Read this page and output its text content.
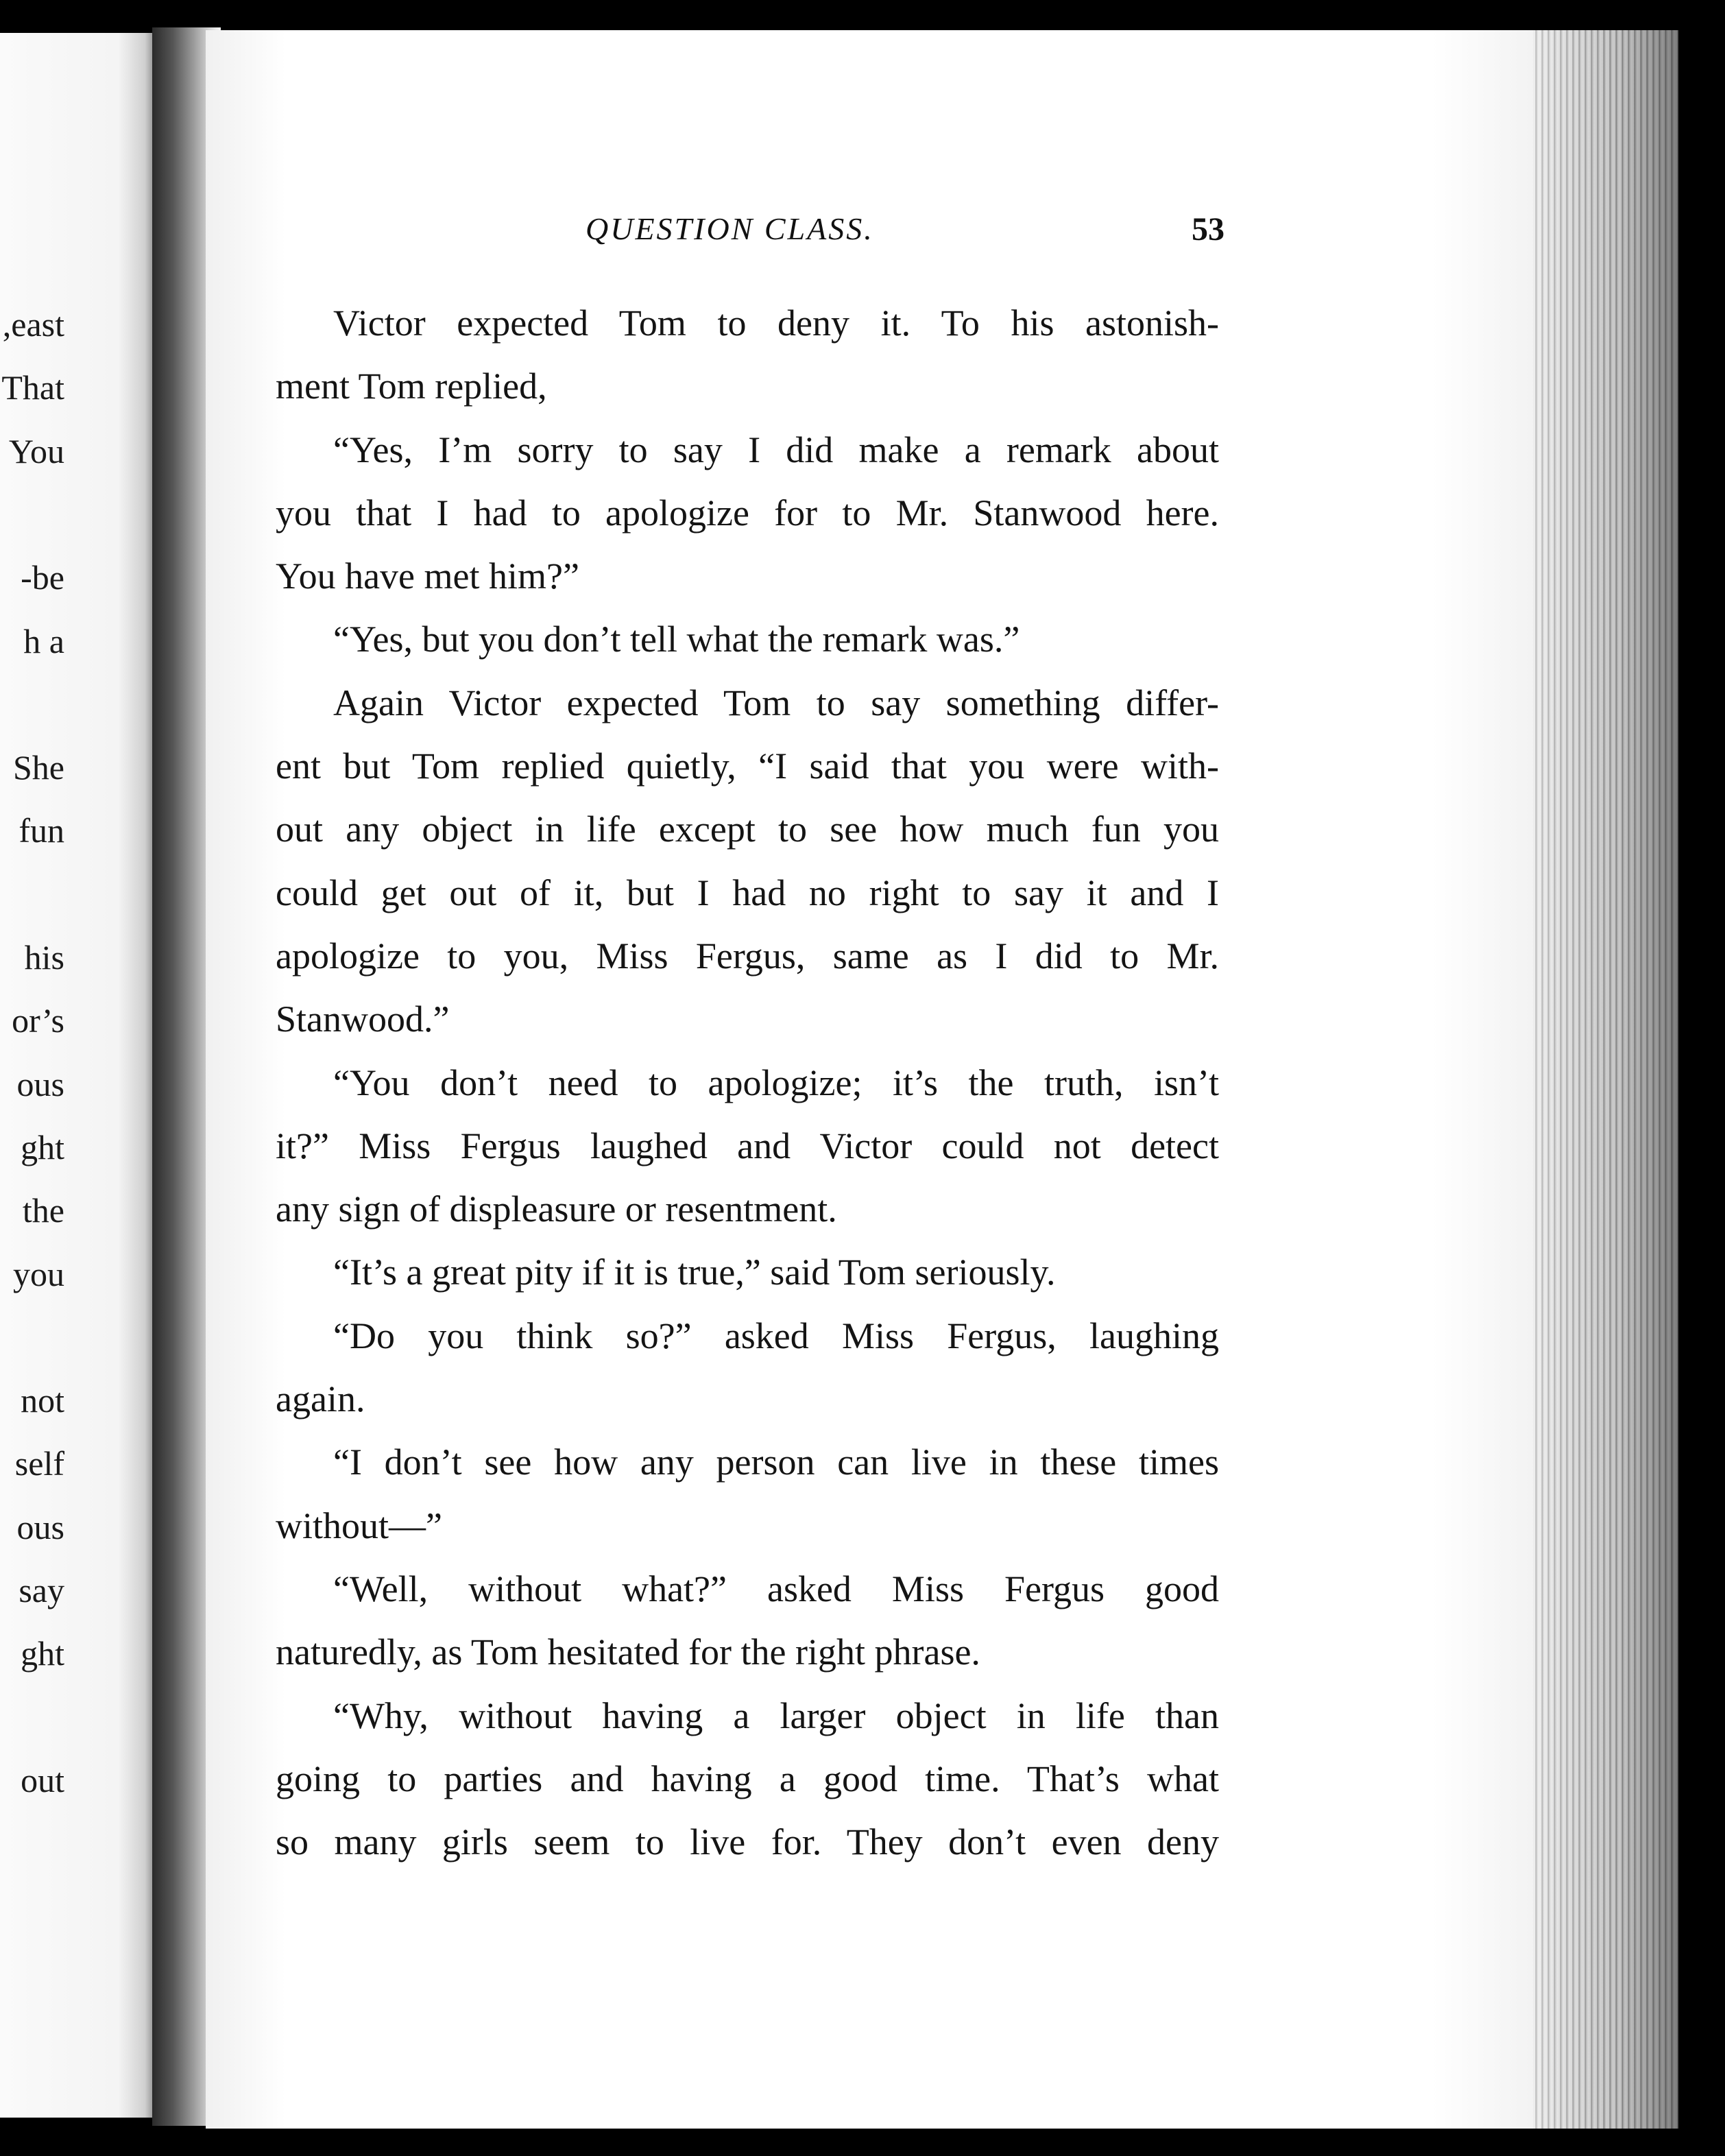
east,
That
You
be-
h a
She
fun
his
or’s
ous
ght
the
you
not
self
ous
say
ght
out
QUESTION CLASS.	53
Victor expected Tom to deny it. To his astonish-
ment Tom replied,
“Yes, I’m sorry to say I did make a remark about
you that I had to apologize for to Mr. Stanwood here.
You have met him?”
“Yes, but you don’t tell what the remark was.”
Again Victor expected Tom to say something differ-
ent but Tom replied quietly, “I said that you were with-
out any object in life except to see how much fun you
could get out of it, but I had no right to say it and I
apologize to you, Miss Fergus, same as I did to Mr.
Stanwood.”
“You don’t need to apologize; it’s the truth, isn’t
it?” Miss Fergus laughed and Victor could not detect
any sign of displeasure or resentment.
“It’s a great pity if it is true,” said Tom seriously.
“Do you think so?” asked Miss Fergus, laughing
again.
“I don’t see how any person can live in these times
without—”
“Well, without what?” asked Miss Fergus good
naturedly, as Tom hesitated for the right phrase.
“Why, without having a larger object in life than
going to parties and having a good time. That’s what
so many girls seem to live for. They don’t even deny
